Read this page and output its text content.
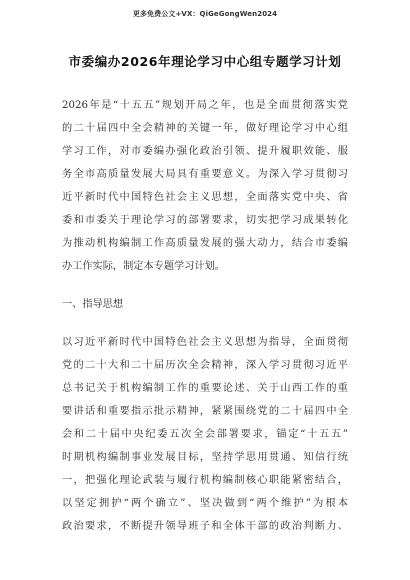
更多免费公文+VX：QiGeGongWen2024
市委编办2026年理论学习中心组专题学习计划
2026年是“十五五”规划开局之年，也是全面贯彻落实党
的二十届四中全会精神的关键一年，做好理论学习中心组
学习工作，对市委编办强化政治引领、提升履职效能、服
务全市高质量发展大局具有重要意义。为深入学习贯彻习
近平新时代中国特色社会主义思想，全面落实党中央、省
委和市委关于理论学习的部署要求，切实把学习成果转化
为推动机构编制工作高质量发展的强大动力，结合市委编
办工作实际，制定本专题学习计划。
一、指导思想
以习近平新时代中国特色社会主义思想为指导，全面贯彻
党的二十大和二十届历次全会精神，深入学习贯彻习近平
总书记关于机构编制工作的重要论述、关于山西工作的重
要讲话和重要指示批示精神，紧紧围绕党的二十届四中全
会和二十届中央纪委五次全会部署要求，锚定“十五五”
时期机构编制事业发展目标，坚持学思用贯通、知信行统
一，把强化理论武装与履行机构编制核心职能紧密结合，
以坚定拥护“两个确立”、坚决做到“两个维护”为根本
政治要求，不断提升领导班子和全体干部的政治判断力、
